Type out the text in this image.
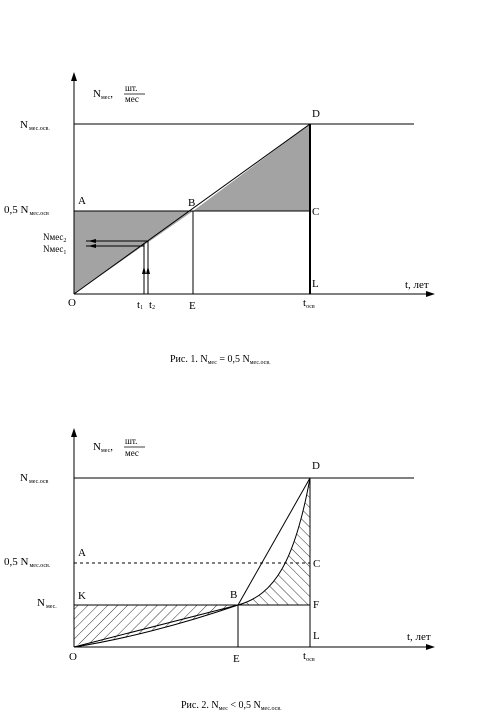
Nмес, шт.
мес
Nмес.осв.
0,5 Nмес.осв
Nмес$_2$
Nмес$_1$
A	B
C
D
L
O	E
t1 t2	tосв
t, лет
Рис. 1. $N_{мес} = 0,5$ $N_{мес.осв.}$
Nмес, шт.
мес
Nмес.осв
0,5 Nмес.осв.
Nмес.
A
K	B
C
D
F
L
O	E	tосв
t, лет
Рис. 2. $N_{мес} < 0,5$ $N_{мес.осв.}$
